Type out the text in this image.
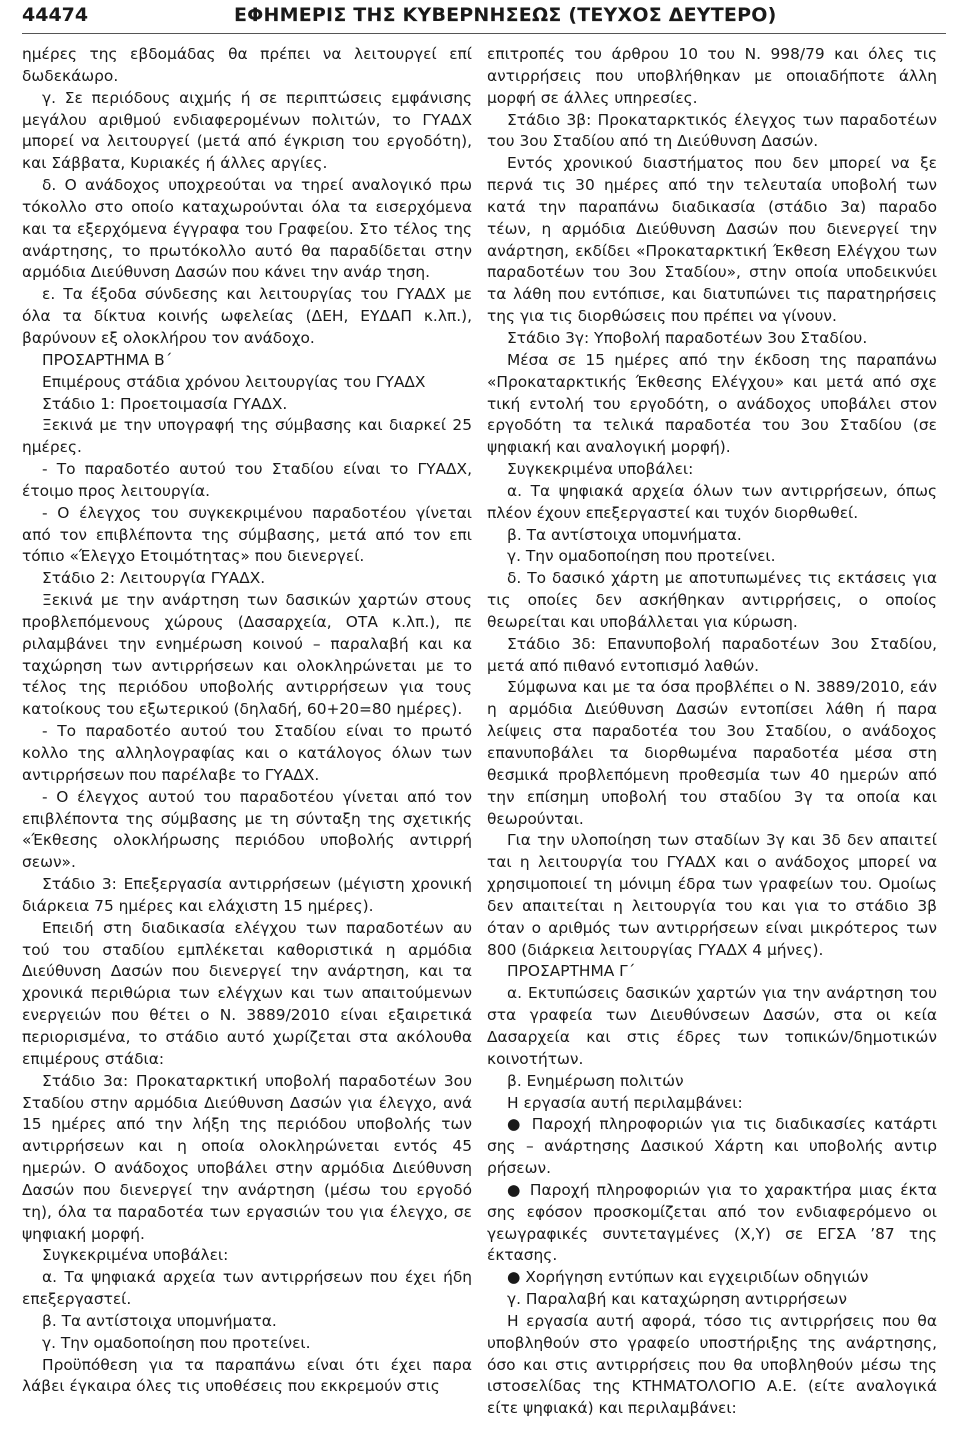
44474	ΕΦΗΜΕΡΙΣ ΤΗΣ ΚΥΒΕΡΝΗΣΕΩΣ (ΤΕΥΧΟΣ ΔΕΥΤΕΡΟ)

ημέρες της εβδομάδας θα πρέπει να λειτουργεί επί δωδεκάωρο.

γ. Σε περιόδους αιχμής ή σε περιπτώσεις εμφάνισης μεγάλου αριθμού ενδιαφερομένων πολιτών, το ΓΥΑΔΧ μπορεί να λειτουργεί (μετά από έγκριση του εργοδότη), και Σάββατα, Κυριακές ή άλλες αργίες.

δ. Ο ανάδοχος υποχρεούται να τηρεί αναλογικό πρω τόκολλο στο οποίο καταχωρούνται όλα τα εισερχόμενα και τα εξερχόμενα έγγραφα του Γραφείου. Στο τέλος της ανάρτησης, το πρωτόκολλο αυτό θα παραδίδεται στην αρμόδια Διεύθυνση Δασών που κάνει την ανάρ τηση.

ε. Τα έξοδα σύνδεσης και λειτουργίας του ΓΥΑΔΧ με όλα τα δίκτυα κοινής ωφελείας (ΔΕΗ, ΕΥΔΑΠ κ.λπ.), βαρύνουν εξ ολοκλήρου τον ανάδοχο.

ΠΡΟΣΑΡΤΗΜΑ Β΄

Επιμέρους στάδια χρόνου λειτουργίας του ΓΥΑΔΧ

Στάδιο 1: Προετοιμασία ΓΥΑΔΧ.

Ξεκινά με την υπογραφή της σύμβασης και διαρκεί 25 ημέρες.

- Το παραδοτέο αυτού του Σταδίου είναι το ΓΥΑΔΧ, έτοιμο προς λειτουργία.

- Ο έλεγχος του συγκεκριμένου παραδοτέου γίνεται από τον επιβλέποντα της σύμβασης, μετά από τον επι τόπιο «Έλεγχο Ετοιμότητας» που διενεργεί.

Στάδιο 2: Λειτουργία ΓΥΑΔΧ.

Ξεκινά με την ανάρτηση των δασικών χαρτών στους προβλεπόμενους χώρους (Δασαρχεία, ΟΤΑ κ.λπ.), πε ριλαμβάνει την ενημέρωση κοινού – παραλαβή και κα ταχώρηση των αντιρρήσεων και ολοκληρώνεται με το τέλος της περιόδου υποβολής αντιρρήσεων για τους κατοίκους του εξωτερικού (δηλαδή, 60+20=80 ημέρες).

- Το παραδοτέο αυτού του Σταδίου είναι το πρωτό κολλο της αλληλογραφίας και ο κατάλογος όλων των αντιρρήσεων που παρέλαβε το ΓΥΑΔΧ.

- Ο έλεγχος αυτού του παραδοτέου γίνεται από τον επιβλέποντα της σύμβασης με τη σύνταξη της σχετικής «Έκθεσης ολοκλήρωσης περιόδου υποβολής αντιρρή σεων».

Στάδιο 3: Επεξεργασία αντιρρήσεων (μέγιστη χρονική διάρκεια 75 ημέρες και ελάχιστη 15 ημέρες).

Επειδή στη διαδικασία ελέγχου των παραδοτέων αυ τού του σταδίου εμπλέκεται καθοριστικά η αρμόδια Διεύθυνση Δασών που διενεργεί την ανάρτηση, και τα χρονικά περιθώρια των ελέγχων και των απαιτούμενων ενεργειών που θέτει ο Ν. 3889/2010 είναι εξαιρετικά περιορισμένα, το στάδιο αυτό χωρίζεται στα ακόλουθα επιμέρους στάδια:

Στάδιο 3α: Προκαταρκτική υποβολή παραδοτέων 3ου Σταδίου στην αρμόδια Διεύθυνση Δασών για έλεγχο, ανά 15 ημέρες από την λήξη της περιόδου υποβολής των αντιρρήσεων και η οποία ολοκληρώνεται εντός 45 ημερών. Ο ανάδοχος υποβάλει στην αρμόδια Διεύθυνση Δασών που διενεργεί την ανάρτηση (μέσω του εργοδό τη), όλα τα παραδοτέα των εργασιών του για έλεγχο, σε ψηφιακή μορφή.

Συγκεκριμένα υποβάλει:

α. Τα ψηφιακά αρχεία των αντιρρήσεων που έχει ήδη επεξεργαστεί.

β. Τα αντίστοιχα υπομνήματα.

γ. Την ομαδοποίηση που προτείνει.

Προϋπόθεση για τα παραπάνω είναι ότι έχει παρα λάβει έγκαιρα όλες τις υποθέσεις που εκκρεμούν στις

επιτροπές του άρθρου 10 του Ν. 998/79 και όλες τις αντιρρήσεις που υποβλήθηκαν με οποιαδήποτε άλλη μορφή σε άλλες υπηρεσίες.

Στάδιο 3β: Προκαταρκτικός έλεγχος των παραδοτέων του 3ου Σταδίου από τη Διεύθυνση Δασών.

Εντός χρονικού διαστήματος που δεν μπορεί να ξε περνά τις 30 ημέρες από την τελευταία υποβολή των κατά την παραπάνω διαδικασία (στάδιο 3α) παραδο τέων, η αρμόδια Διεύθυνση Δασών που διενεργεί την ανάρτηση, εκδίδει «Προκαταρκτική Έκθεση Ελέγχου των παραδοτέων του 3ου Σταδίου», στην οποία υποδεικνύει τα λάθη που εντόπισε, και διατυπώνει τις παρατηρήσεις της για τις διορθώσεις που πρέπει να γίνουν.

Στάδιο 3γ: Υποβολή παραδοτέων 3ου Σταδίου.

Μέσα σε 15 ημέρες από την έκδοση της παραπάνω «Προκαταρκτικής Έκθεσης Ελέγχου» και μετά από σχε τική εντολή του εργοδότη, ο ανάδοχος υποβάλει στον εργοδότη τα τελικά παραδοτέα του 3ου Σταδίου (σε ψηφιακή και αναλογική μορφή).

Συγκεκριμένα υποβάλει:

α. Τα ψηφιακά αρχεία όλων των αντιρρήσεων, όπως πλέον έχουν επεξεργαστεί και τυχόν διορθωθεί.

β. Τα αντίστοιχα υπομνήματα.

γ. Την ομαδοποίηση που προτείνει.

δ. Το δασικό χάρτη με αποτυπωμένες τις εκτάσεις για τις οποίες δεν ασκήθηκαν αντιρρήσεις, ο οποίος θεωρείται και υποβάλλεται για κύρωση.

Στάδιο 3δ: Επανυποβολή παραδοτέων 3ου Σταδίου, μετά από πιθανό εντοπισμό λαθών.

Σύμφωνα και με τα όσα προβλέπει ο Ν. 3889/2010, εάν η αρμόδια Διεύθυνση Δασών εντοπίσει λάθη ή παρα λείψεις στα παραδοτέα του 3ου Σταδίου, ο ανάδοχος επανυποβάλει τα διορθωμένα παραδοτέα μέσα στη θεσμικά προβλεπόμενη προθεσμία των 40 ημερών από την επίσημη υποβολή του σταδίου 3γ τα οποία και θεωρούνται.

Για την υλοποίηση των σταδίων 3γ και 3δ δεν απαιτεί ται η λειτουργία του ΓΥΑΔΧ και ο ανάδοχος μπορεί να χρησιμοποιεί τη μόνιμη έδρα των γραφείων του. Ομοίως δεν απαιτείται η λειτουργία του και για το στάδιο 3β όταν ο αριθμός των αντιρρήσεων είναι μικρότερος των 800 (διάρκεια λειτουργίας ΓΥΑΔΧ 4 μήνες).

ΠΡΟΣΑΡΤΗΜΑ Γ΄

α. Εκτυπώσεις δασικών χαρτών για την ανάρτηση του στα γραφεία των Διευθύνσεων Δασών, στα οι κεία Δασαρχεία και στις έδρες των τοπικών/δημοτικών κοινοτήτων.

β. Ενημέρωση πολιτών

Η εργασία αυτή περιλαμβάνει:

● Παροχή πληροφοριών για τις διαδικασίες κατάρτι σης – ανάρτησης Δασικού Χάρτη και υποβολής αντιρ ρήσεων.

● Παροχή πληροφοριών για το χαρακτήρα μιας έκτα σης εφόσον προσκομίζεται από τον ενδιαφερόμενο οι γεωγραφικές συντεταγμένες (Χ,Υ) σε ΕΓΣΑ ’87 της έκτασης.

● Χορήγηση εντύπων και εγχειριδίων οδηγιών

γ. Παραλαβή και καταχώρηση αντιρρήσεων

Η εργασία αυτή αφορά, τόσο τις αντιρρήσεις που θα υποβληθούν στο γραφείο υποστήριξης της ανάρτησης, όσο και στις αντιρρήσεις που θα υποβληθούν μέσω της ιστοσελίδας της ΚΤΗΜΑΤΟΛΟΓΙΟ Α.Ε. (είτε αναλογικά είτε ψηφιακά) και περιλαμβάνει:
